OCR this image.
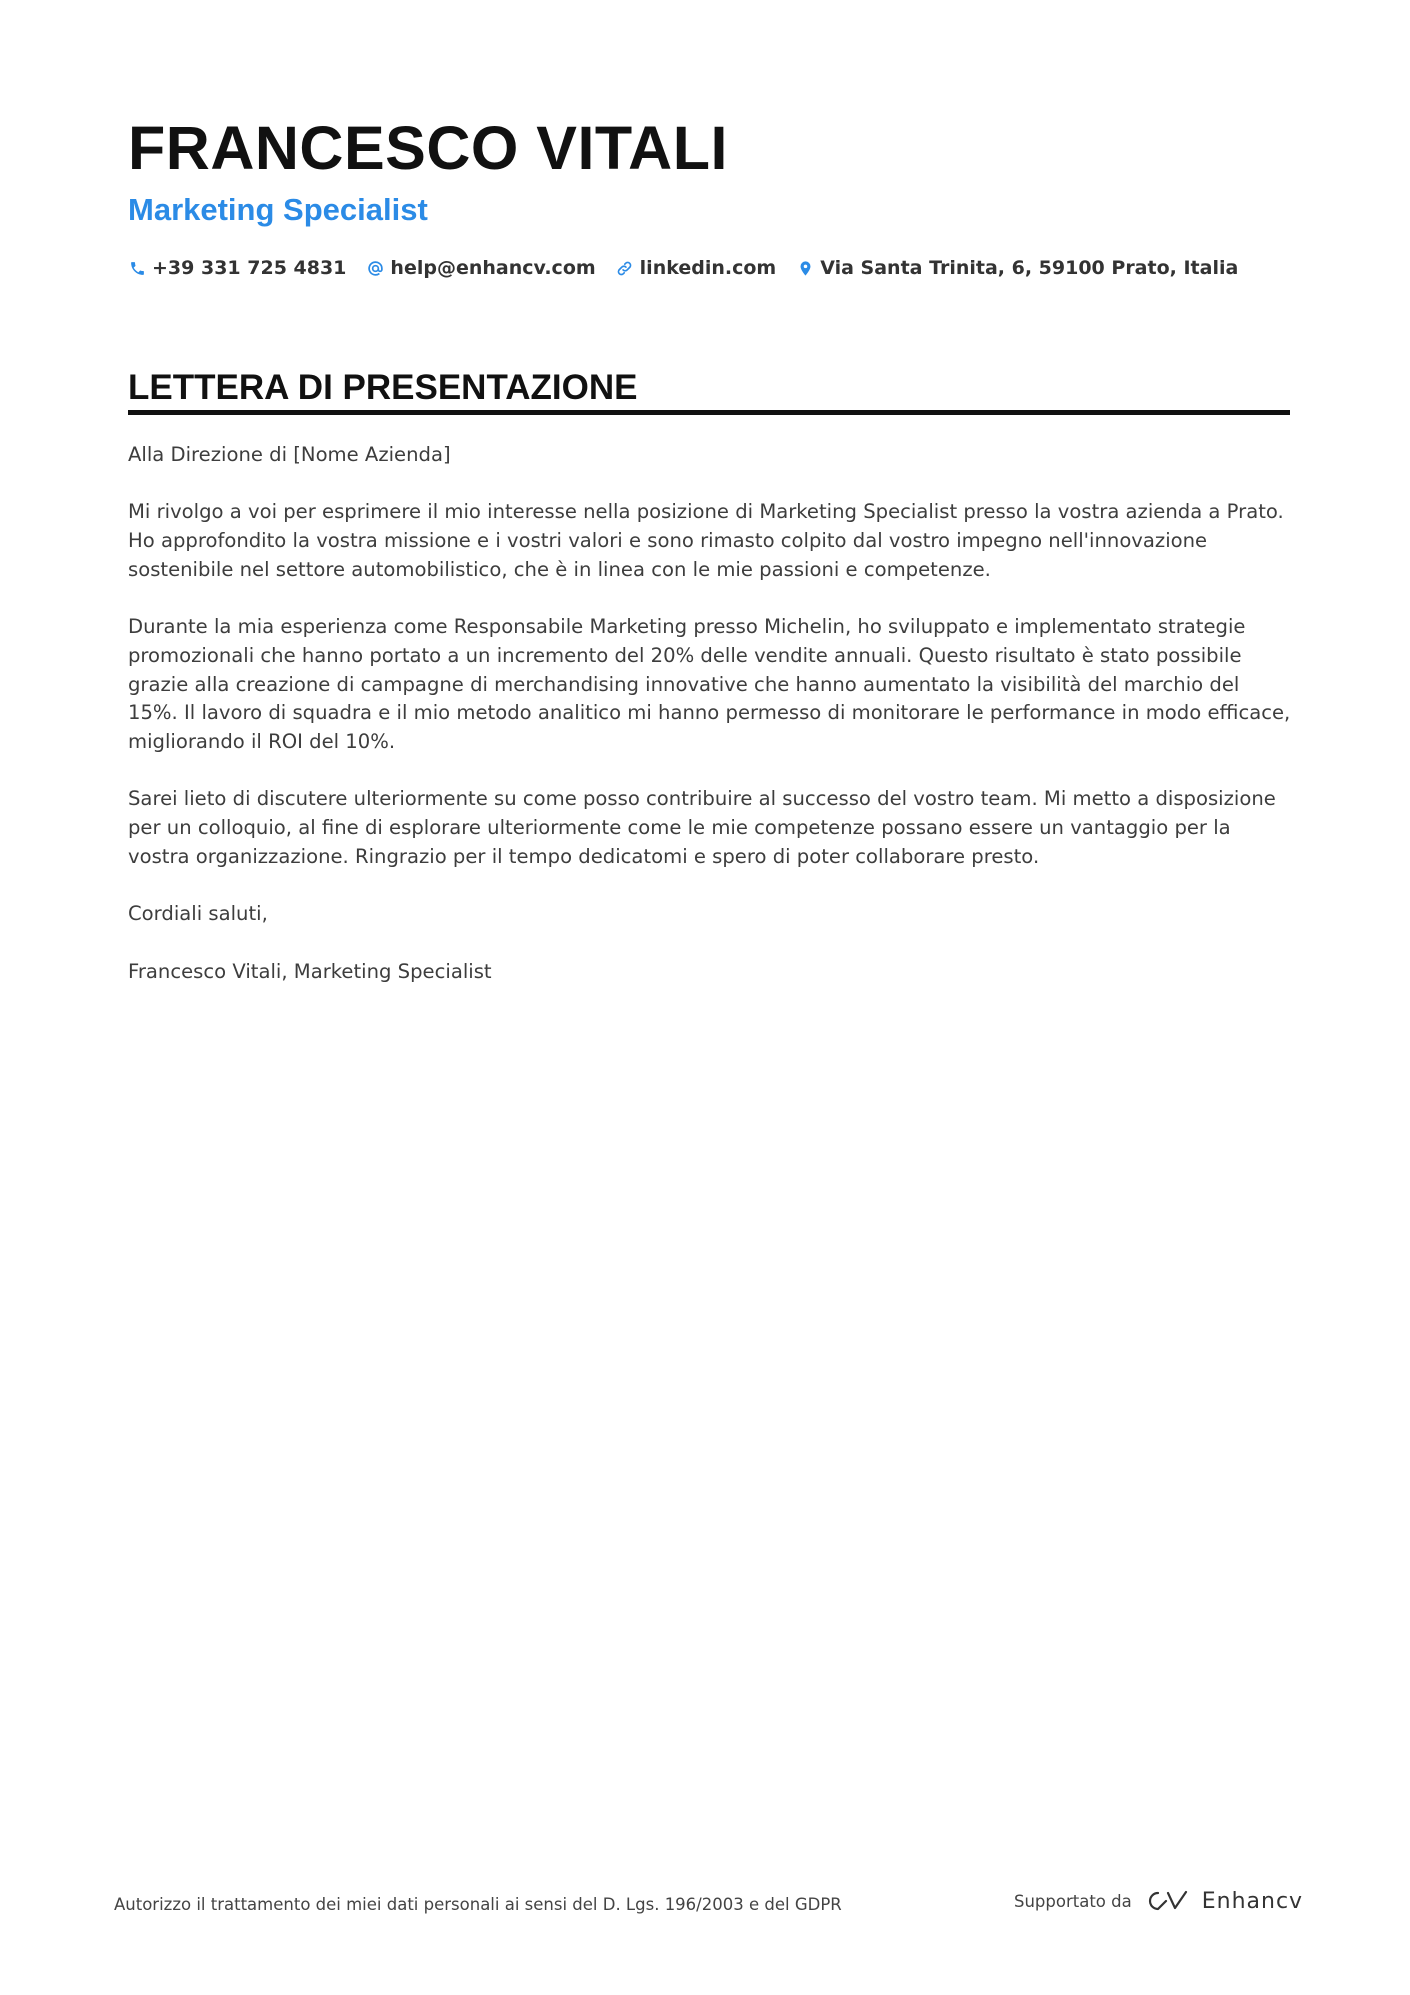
FRANCESCO VITALI
Marketing Specialist
+39 331 725 4831 help@enhancv.com linkedin.com Via Santa Trinita, 6, 59100 Prato, Italia
LETTERA DI PRESENTAZIONE

Alla Direzione di [Nome Azienda]

Mi rivolgo a voi per esprimere il mio interesse nella posizione di Marketing Specialist presso la vostra azienda a Prato. Ho approfondito la vostra missione e i vostri valori e sono rimasto colpito dal vostro impegno nell'innovazione sostenibile nel settore automobilistico, che è in linea con le mie passioni e competenze.

Durante la mia esperienza come Responsabile Marketing presso Michelin, ho sviluppato e implementato strategie promozionali che hanno portato a un incremento del 20% delle vendite annuali. Questo risultato è stato possibile grazie alla creazione di campagne di merchandising innovative che hanno aumentato la visibilità del marchio del 15%. Il lavoro di squadra e il mio metodo analitico mi hanno permesso di monitorare le performance in modo efficace, migliorando il ROI del 10%.

Sarei lieto di discutere ulteriormente su come posso contribuire al successo del vostro team. Mi metto a disposizione per un colloquio, al fine di esplorare ulteriormente come le mie competenze possano essere un vantaggio per la vostra organizzazione. Ringrazio per il tempo dedicatomi e spero di poter collaborare presto.

Cordiali saluti,

Francesco Vitali, Marketing Specialist

Autorizzo il trattamento dei miei dati personali ai sensi del D. Lgs. 196/2003 e del GDPR	Supportato da	Enhancv
